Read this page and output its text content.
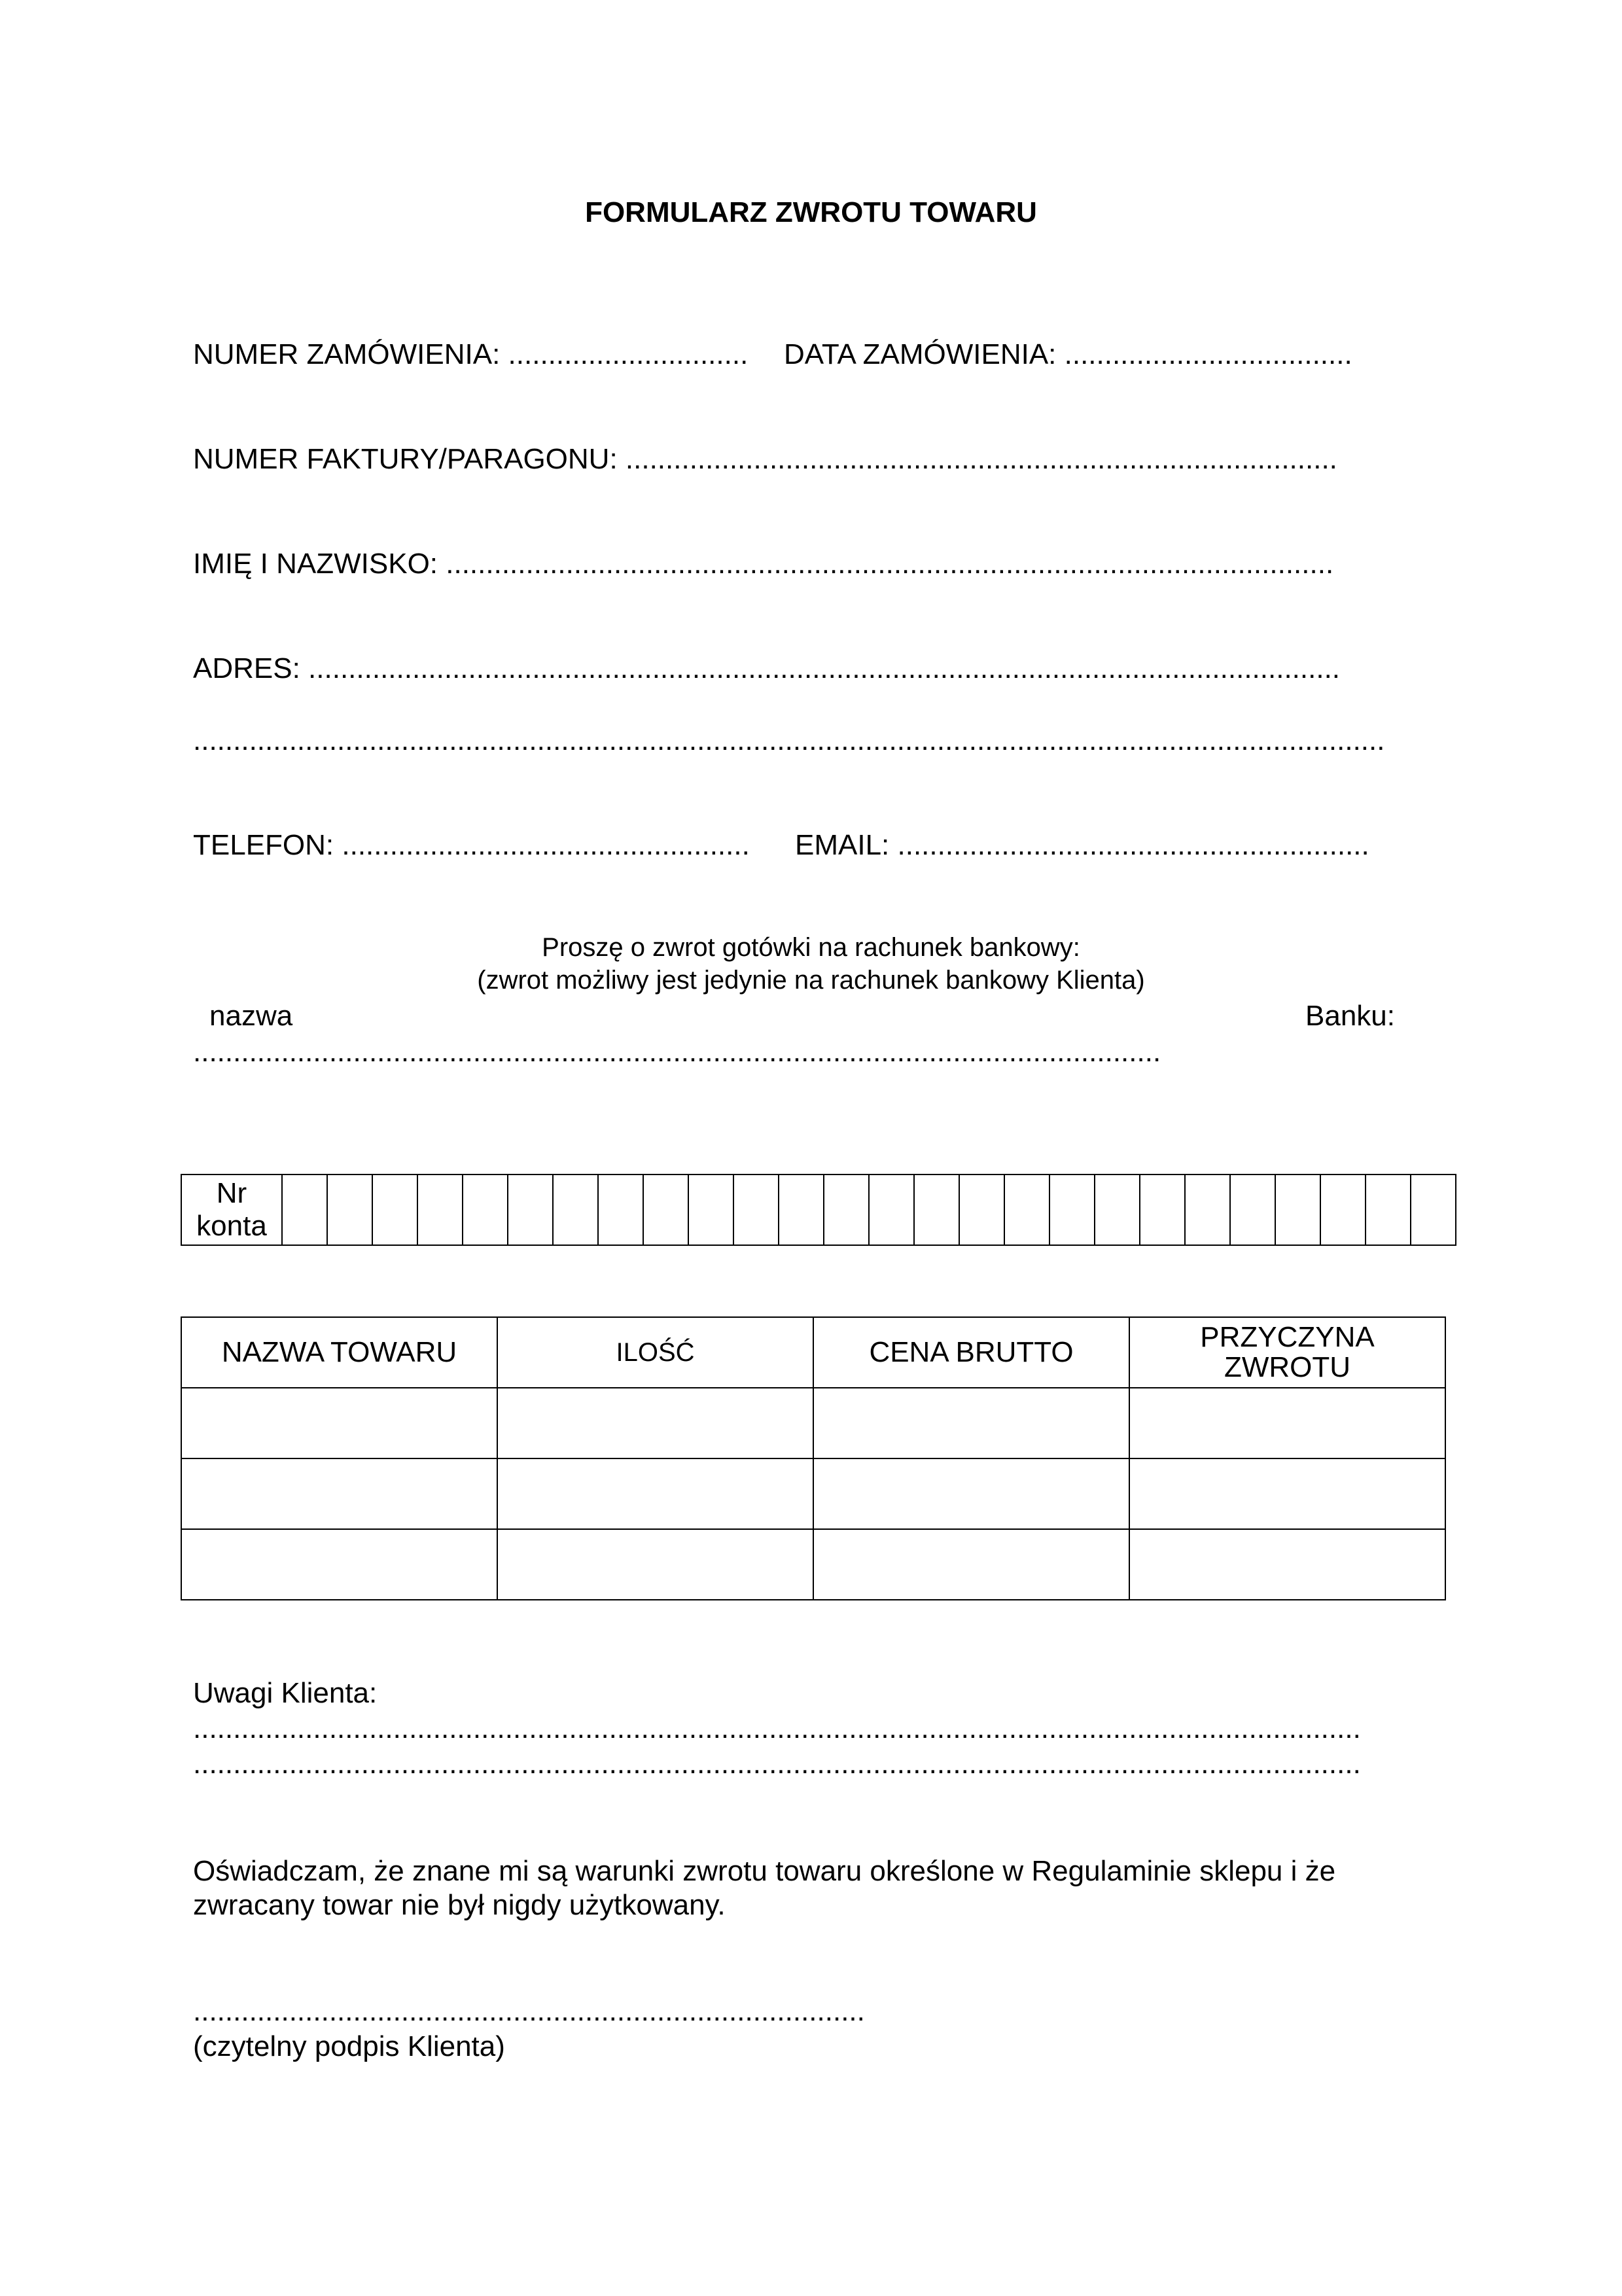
FORMULARZ ZWROTU TOWARU
NUMER ZAMÓWIENIA: .............................. DATA ZAMÓWIENIA: ....................................
NUMER FAKTURY/PARAGONU: .........................................................................................
IMIĘ I NAZWISKO: ...............................................................................................................
ADRES: .................................................................................................................................
.....................................................................................................................................................
TELEFON: ................................................... EMAIL: ...........................................................
Proszę o zwrot gotówki na rachunek bankowy:
(zwrot możliwy jest jedynie na rachunek bankowy Klienta)
nazwa	Banku:
.........................................................................................................................
Nr
konta

NAZWA TOWARU	ILOŚĆ	CENA BRUTTO	PRZYCZYNA ZWROTU

Uwagi Klienta:
..................................................................................................................................................
..................................................................................................................................................
Oświadczam, że znane mi są warunki zwrotu towaru określone w Regulaminie sklepu i że
zwracany towar nie był nigdy użytkowany.
....................................................................................
(czytelny podpis Klienta)
